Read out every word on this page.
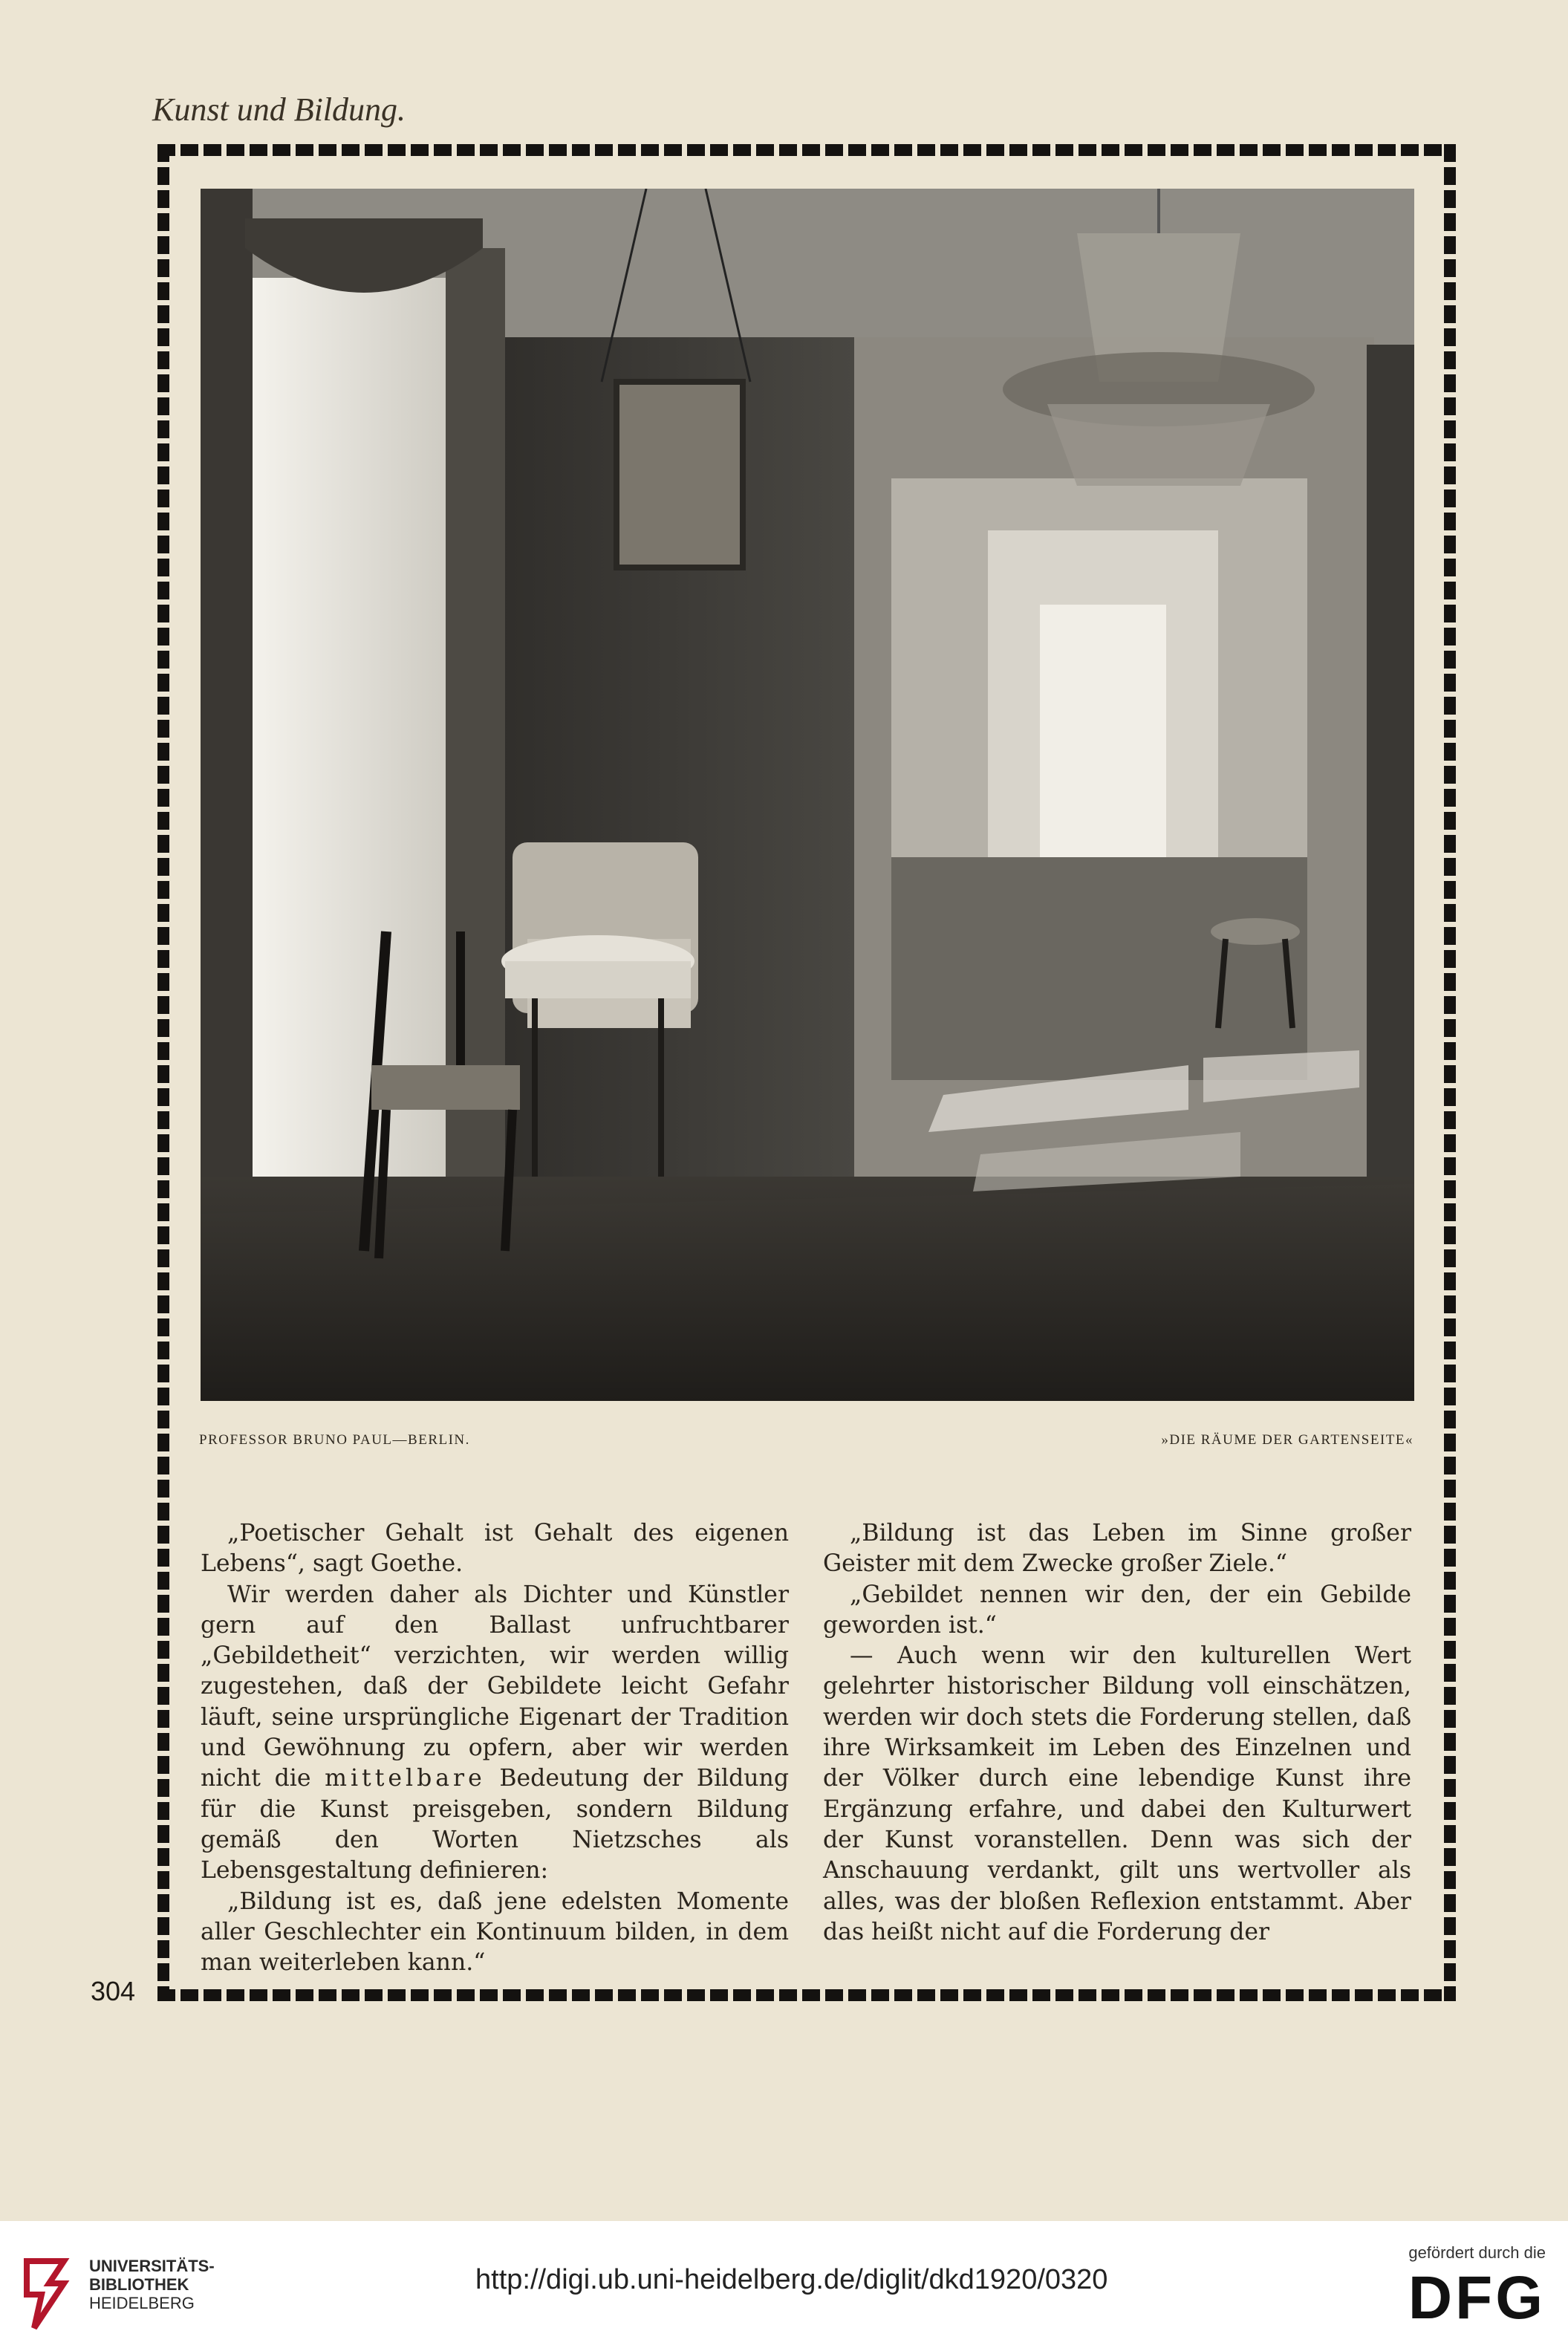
Kunst und Bildung.
PROFESSOR BRUNO PAUL—BERLIN.	»DIE RÄUME DER GARTENSEITE«

„Poetischer Gehalt ist Gehalt des eigenen Lebens“, sagt Goethe.

Wir werden daher als Dichter und Künstler gern auf den Ballast unfruchtbarer „Gebildetheit“ verzichten, wir werden willig zugestehen, daß der Gebildete leicht Gefahr läuft, seine ursprüngliche Eigenart der Tradition und Gewöhnung zu opfern, aber wir werden nicht die mittelbare Bedeutung der Bildung für die Kunst preisgeben, sondern Bildung gemäß den Worten Nietzsches als Lebensgestaltung definieren:

„Bildung ist es, daß jene edelsten Momente aller Geschlechter ein Kontinuum bilden, in dem man weiterleben kann.“

„Bildung ist das Leben im Sinne großer Geister mit dem Zwecke großer Ziele.“

„Gebildet nennen wir den, der ein Gebilde geworden ist.“

— Auch wenn wir den kulturellen Wert gelehrter historischer Bildung voll einschätzen, werden wir doch stets die Forderung stellen, daß ihre Wirksamkeit im Leben des Einzelnen und der Völker durch eine lebendige Kunst ihre Ergänzung erfahre, und dabei den Kulturwert der Kunst voranstellen. Denn was sich der Anschauung verdankt, gilt uns wertvoller als alles, was der bloßen Reflexion entstammt. Aber das heißt nicht auf die Forderung der

304
UNIVERSITÄTS-
BIBLIOTHEK
HEIDELBERG
http://digi.ub.uni-heidelberg.de/diglit/dkd1920/0320
gefördert durch die
DFG
